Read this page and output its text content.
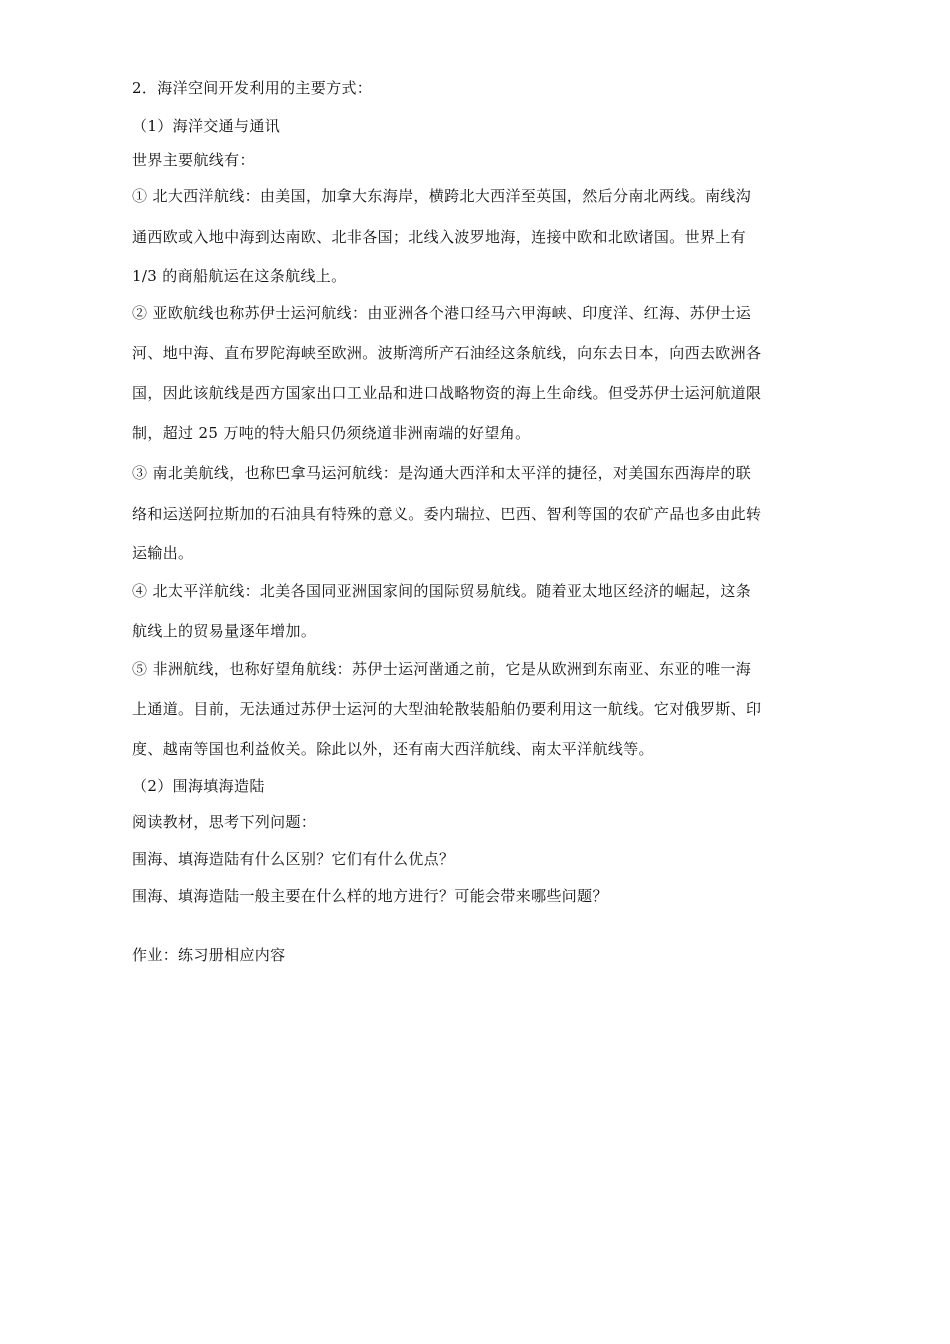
2．海洋空间开发利用的主要方式：
（1）海洋交通与通讯
世界主要航线有：
① 北大西洋航线：由美国，加拿大东海岸，横跨北大西洋至英国，然后分南北两线。南线沟
通西欧或入地中海到达南欧、北非各国；北线入波罗地海，连接中欧和北欧诸国。世界上有
1/3 的商船航运在这条航线上。
② 亚欧航线也称苏伊士运河航线：由亚洲各个港口经马六甲海峡、印度洋、红海、苏伊士运
河、地中海、直布罗陀海峡至欧洲。波斯湾所产石油经这条航线，向东去日本，向西去欧洲各
国，因此该航线是西方国家出口工业品和进口战略物资的海上生命线。但受苏伊士运河航道限
制，超过 25 万吨的特大船只仍须绕道非洲南端的好望角。
③ 南北美航线，也称巴拿马运河航线：是沟通大西洋和太平洋的捷径，对美国东西海岸的联
络和运送阿拉斯加的石油具有特殊的意义。委内瑞拉、巴西、智利等国的农矿产品也多由此转
运输出。
④ 北太平洋航线：北美各国同亚洲国家间的国际贸易航线。随着亚太地区经济的崛起，这条
航线上的贸易量逐年增加。
⑤ 非洲航线，也称好望角航线：苏伊士运河凿通之前，它是从欧洲到东南亚、东亚的唯一海
上通道。目前，无法通过苏伊士运河的大型油轮散装船舶仍要利用这一航线。它对俄罗斯、印
度、越南等国也利益攸关。除此以外，还有南大西洋航线、南太平洋航线等。
（2）围海填海造陆
阅读教材，思考下列问题：
围海、填海造陆有什么区别？它们有什么优点？
围海、填海造陆一般主要在什么样的地方进行？可能会带来哪些问题？
作业：练习册相应内容
